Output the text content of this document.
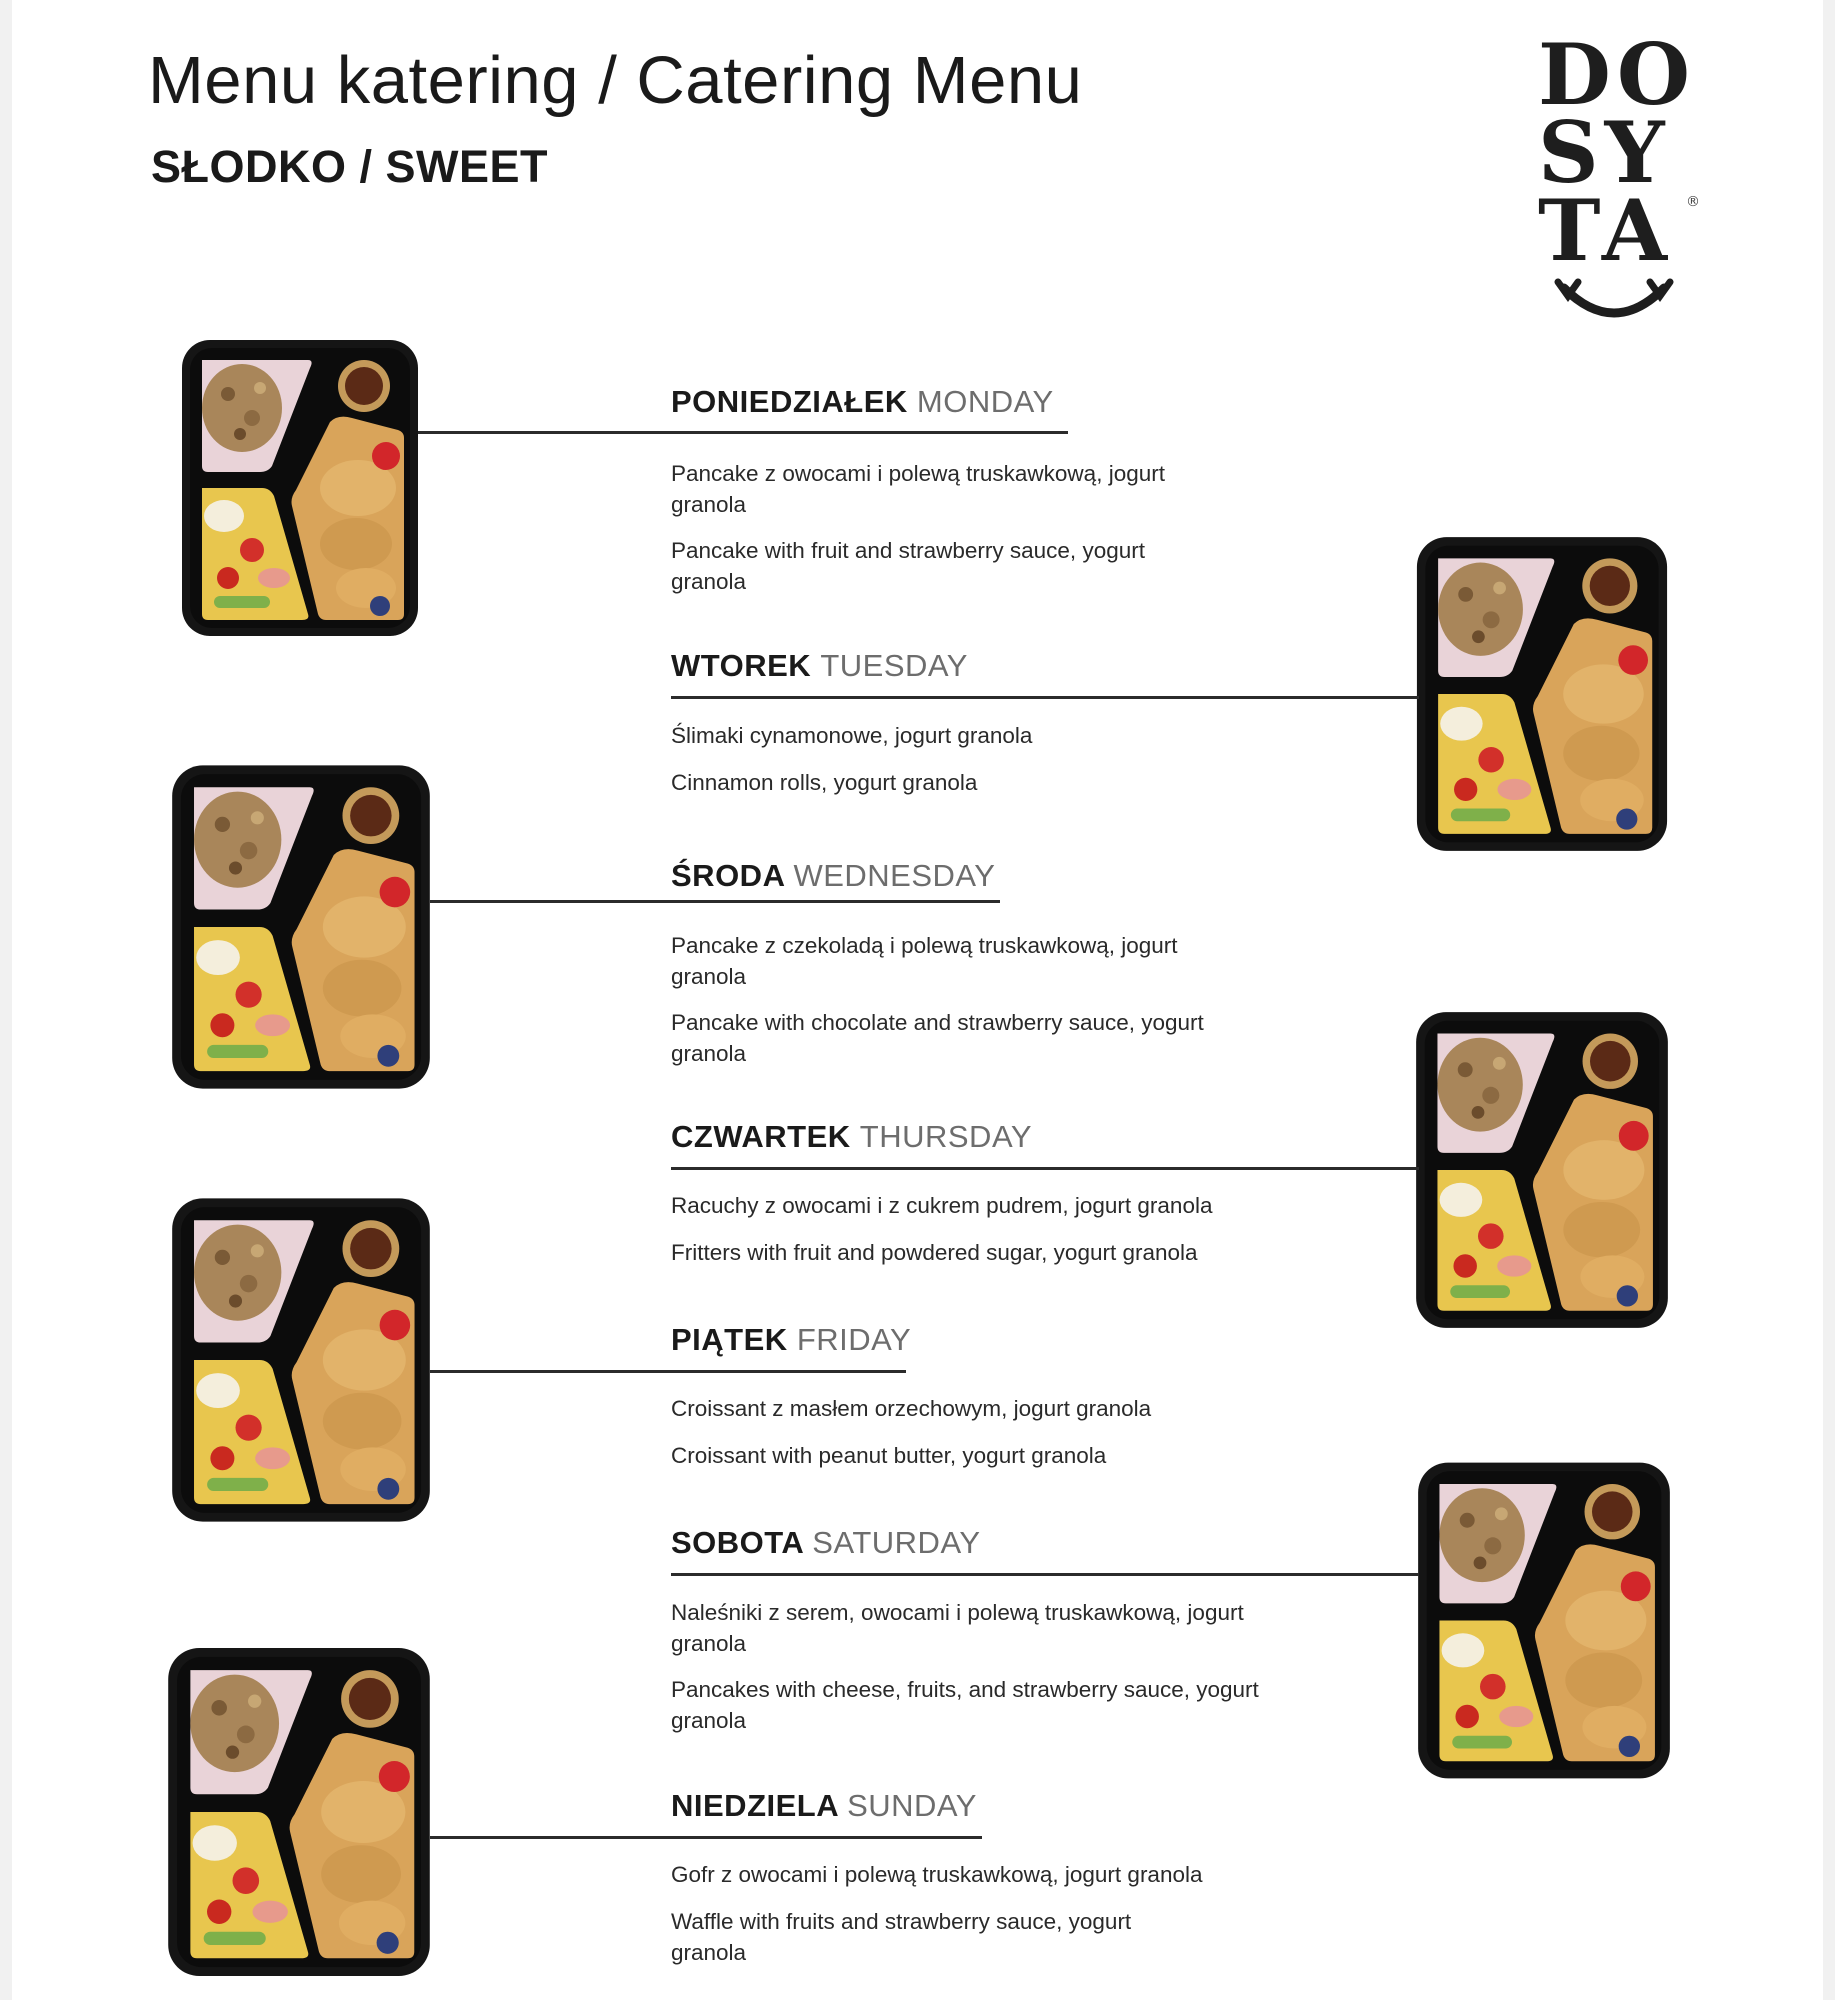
Menu katering / Catering Menu
SŁODKO / SWEET
DO
SY
TA ®
PONIEDZIAŁEK MONDAY

Pancake z owocami i polewą truskawkową, jogurt granola

Pancake with fruit and strawberry sauce, yogurt granola

WTOREK TUESDAY

Ślimaki cynamonowe, jogurt granola

Cinnamon rolls, yogurt granola

ŚRODA WEDNESDAY

Pancake z czekoladą i polewą truskawkową, jogurt granola

Pancake with chocolate and strawberry sauce, yogurt granola

CZWARTEK THURSDAY

Racuchy z owocami i z cukrem pudrem, jogurt granola

Fritters with fruit and powdered sugar, yogurt granola

PIĄTEK FRIDAY

Croissant z masłem orzechowym, jogurt granola

Croissant with peanut butter, yogurt granola

SOBOTA SATURDAY

Naleśniki z serem, owocami i polewą truskawkową, jogurt granola

Pancakes with cheese, fruits, and strawberry sauce, yogurt granola

NIEDZIELA SUNDAY

Gofr z owocami i polewą truskawkową, jogurt granola

Waffle with fruits and strawberry sauce, yogurt granola
